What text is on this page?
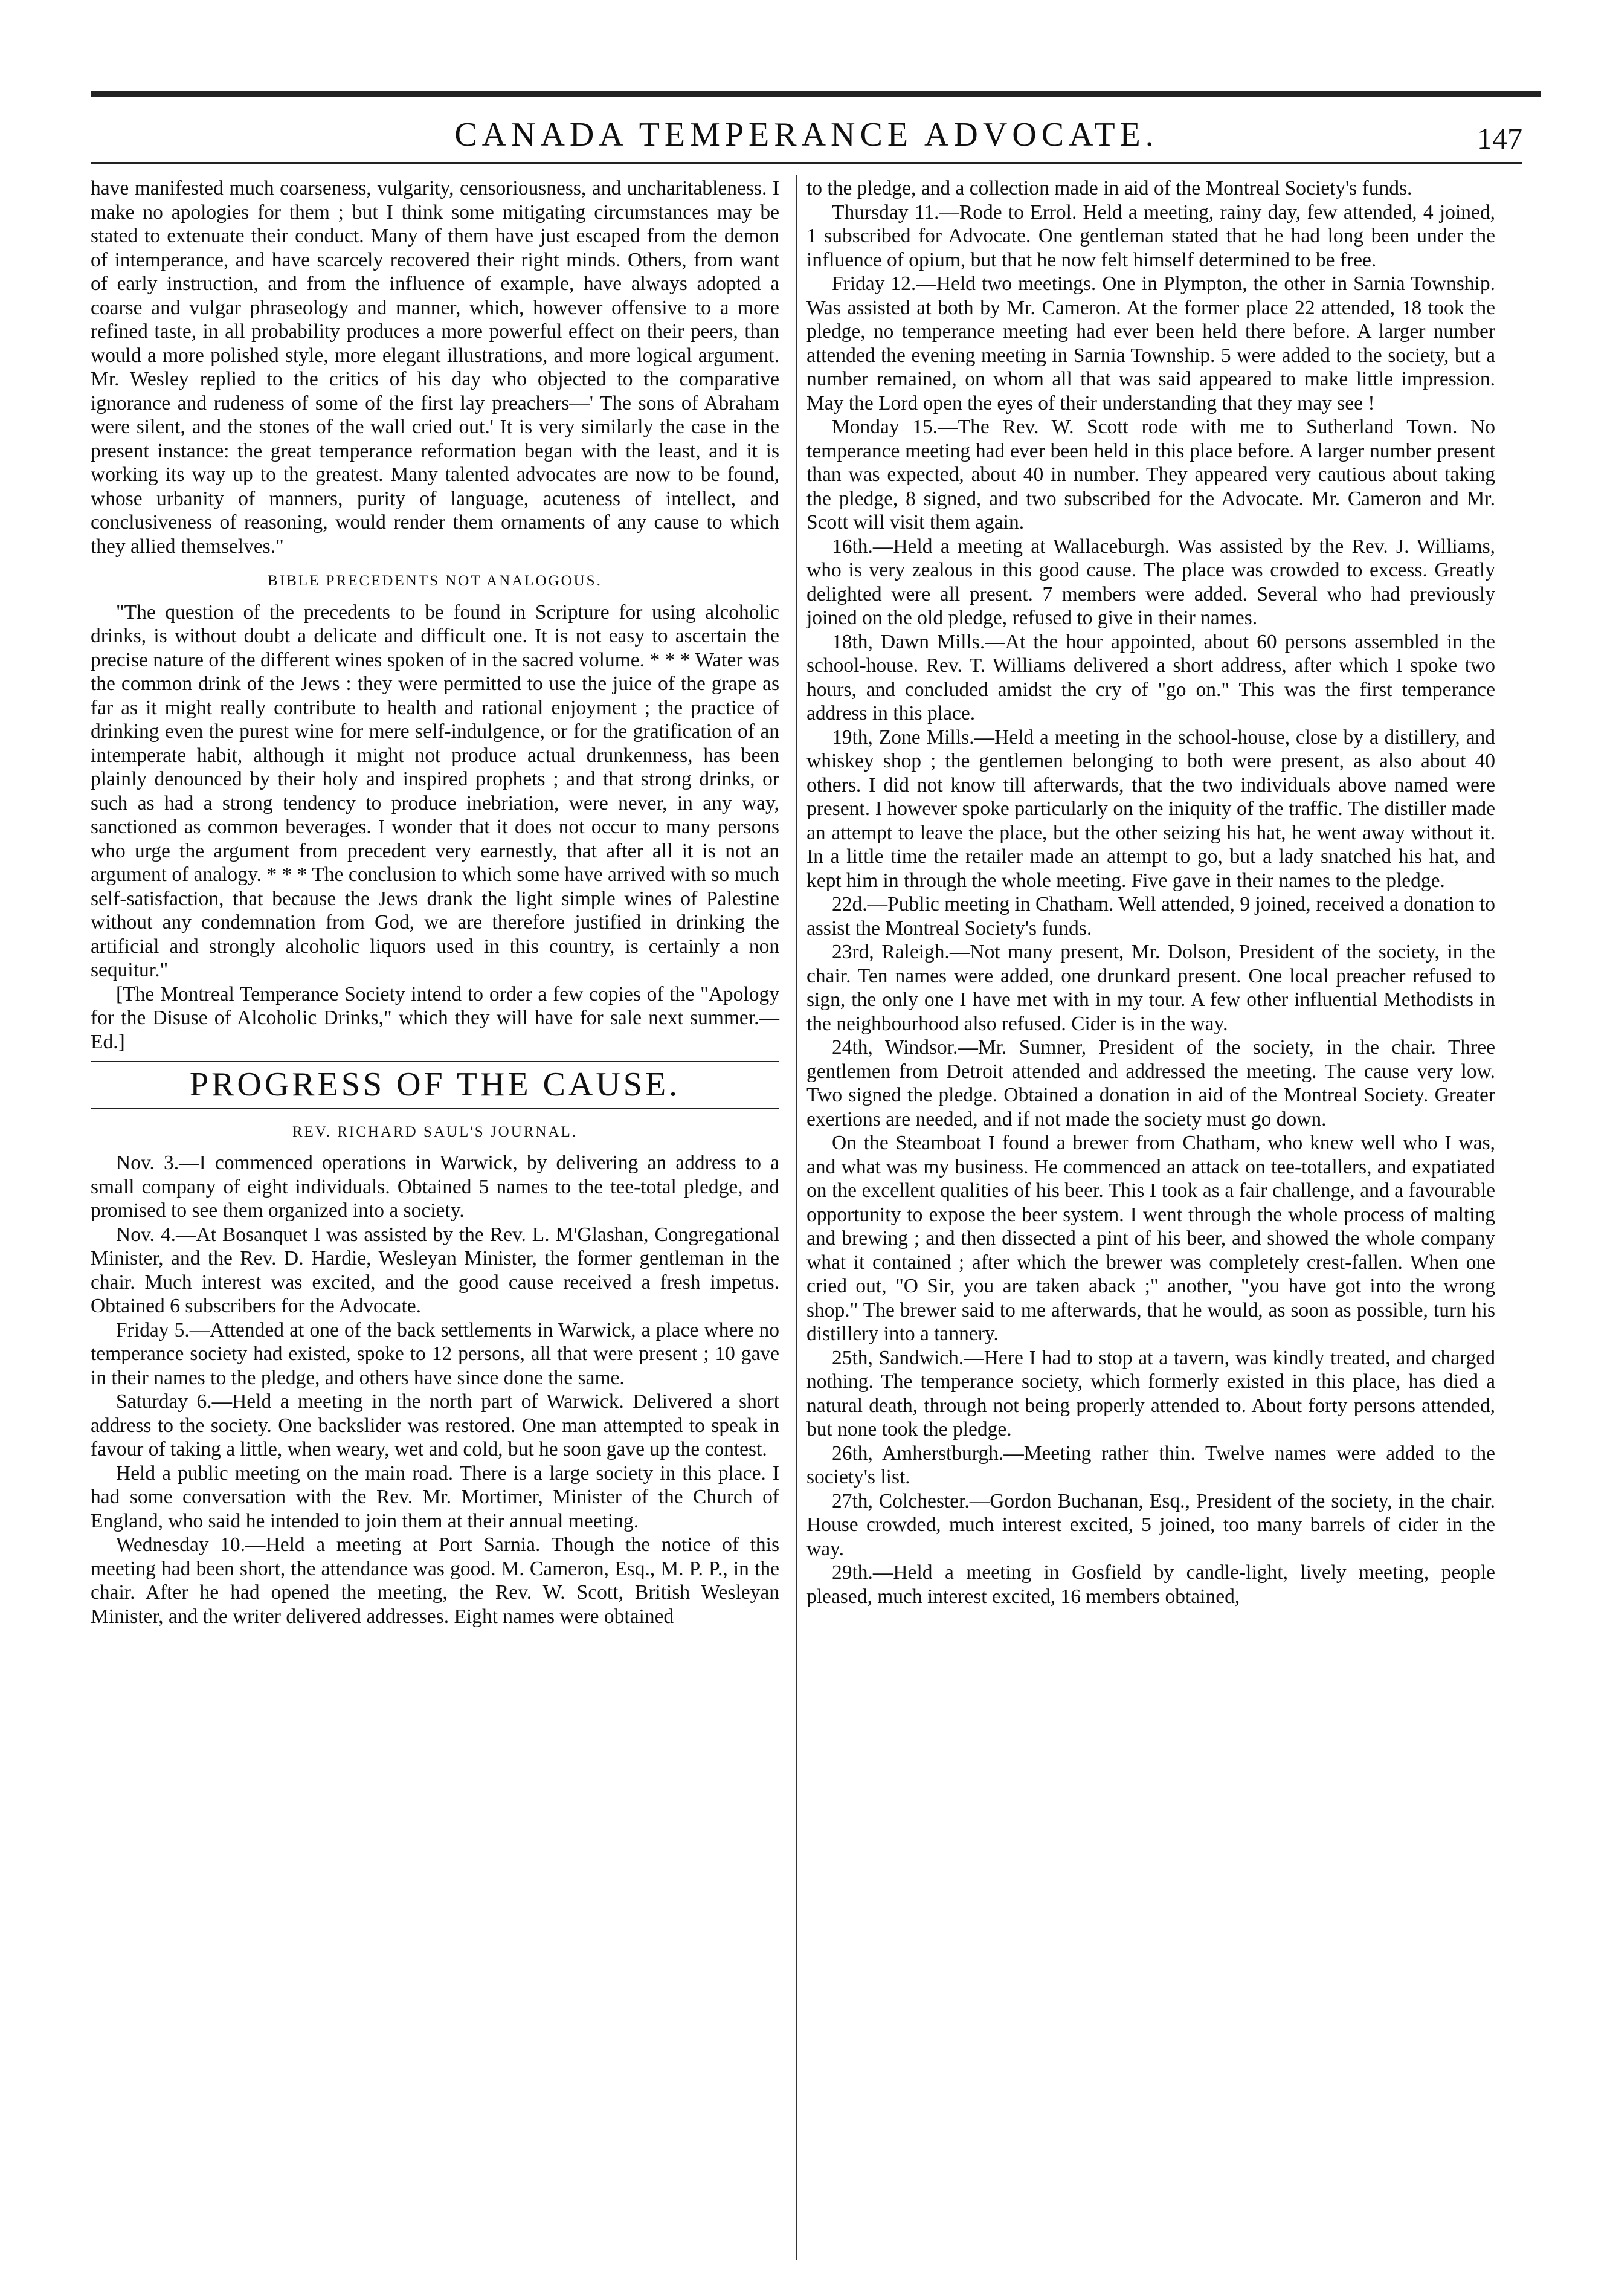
CANADA TEMPERANCE ADVOCATE.	147

have manifested much coarseness, vulgarity, censoriousness, and uncharitableness. I make no apologies for them ; but I think some mitigating circumstances may be stated to extenuate their conduct. Many of them have just escaped from the demon of intemperance, and have scarcely recovered their right minds. Others, from want of early instruction, and from the influence of example, have always adopted a coarse and vulgar phraseology and manner, which, however offensive to a more refined taste, in all probability produces a more powerful effect on their peers, than would a more polished style, more elegant illustrations, and more logical argument. Mr. Wesley replied to the critics of his day who objected to the comparative ignorance and rudeness of some of the first lay preachers—' The sons of Abraham were silent, and the stones of the wall cried out.' It is very similarly the case in the present instance: the great temperance reformation began with the least, and it is working its way up to the greatest. Many talented advocates are now to be found, whose urbanity of manners, purity of language, acuteness of intellect, and conclusiveness of reasoning, would render them ornaments of any cause to which they allied themselves."

BIBLE PRECEDENTS NOT ANALOGOUS.

"The question of the precedents to be found in Scripture for using alcoholic drinks, is without doubt a delicate and difficult one. It is not easy to ascertain the precise nature of the different wines spoken of in the sacred volume. * * * Water was the common drink of the Jews : they were permitted to use the juice of the grape as far as it might really contribute to health and rational enjoyment ; the practice of drinking even the purest wine for mere self-indulgence, or for the gratification of an intemperate habit, although it might not produce actual drunkenness, has been plainly denounced by their holy and inspired prophets ; and that strong drinks, or such as had a strong tendency to produce inebriation, were never, in any way, sanctioned as common beverages. I wonder that it does not occur to many persons who urge the argument from precedent very earnestly, that after all it is not an argument of analogy. * * * The conclusion to which some have arrived with so much self-satisfaction, that because the Jews drank the light simple wines of Palestine without any condemnation from God, we are therefore justified in drinking the artificial and strongly alcoholic liquors used in this country, is certainly a non sequitur."

[The Montreal Temperance Society intend to order a few copies of the "Apology for the Disuse of Alcoholic Drinks," which they will have for sale next summer.—Ed.]

PROGRESS OF THE CAUSE.
REV. RICHARD SAUL'S JOURNAL.

Nov. 3.—I commenced operations in Warwick, by delivering an address to a small company of eight individuals. Obtained 5 names to the tee-total pledge, and promised to see them organized into a society.

Nov. 4.—At Bosanquet I was assisted by the Rev. L. M'Glashan, Congregational Minister, and the Rev. D. Hardie, Wesleyan Minister, the former gentleman in the chair. Much interest was excited, and the good cause received a fresh impetus. Obtained 6 subscribers for the Advocate.

Friday 5.—Attended at one of the back settlements in Warwick, a place where no temperance society had existed, spoke to 12 persons, all that were present ; 10 gave in their names to the pledge, and others have since done the same.

Saturday 6.—Held a meeting in the north part of Warwick. Delivered a short address to the society. One backslider was restored. One man attempted to speak in favour of taking a little, when weary, wet and cold, but he soon gave up the contest.

Held a public meeting on the main road. There is a large society in this place. I had some conversation with the Rev. Mr. Mortimer, Minister of the Church of England, who said he intended to join them at their annual meeting.

Wednesday 10.—Held a meeting at Port Sarnia. Though the notice of this meeting had been short, the attendance was good. M. Cameron, Esq., M. P. P., in the chair. After he had opened the meeting, the Rev. W. Scott, British Wesleyan Minister, and the writer delivered addresses. Eight names were obtained

to the pledge, and a collection made in aid of the Montreal Society's funds.

Thursday 11.—Rode to Errol. Held a meeting, rainy day, few attended, 4 joined, 1 subscribed for Advocate. One gentleman stated that he had long been under the influence of opium, but that he now felt himself determined to be free.

Friday 12.—Held two meetings. One in Plympton, the other in Sarnia Township. Was assisted at both by Mr. Cameron. At the former place 22 attended, 18 took the pledge, no temperance meeting had ever been held there before. A larger number attended the evening meeting in Sarnia Township. 5 were added to the society, but a number remained, on whom all that was said appeared to make little impression. May the Lord open the eyes of their understanding that they may see !

Monday 15.—The Rev. W. Scott rode with me to Sutherland Town. No temperance meeting had ever been held in this place before. A larger number present than was expected, about 40 in number. They appeared very cautious about taking the pledge, 8 signed, and two subscribed for the Advocate. Mr. Cameron and Mr. Scott will visit them again.

16th.—Held a meeting at Wallaceburgh. Was assisted by the Rev. J. Williams, who is very zealous in this good cause. The place was crowded to excess. Greatly delighted were all present. 7 members were added. Several who had previously joined on the old pledge, refused to give in their names.

18th, Dawn Mills.—At the hour appointed, about 60 persons assembled in the school-house. Rev. T. Williams delivered a short address, after which I spoke two hours, and concluded amidst the cry of "go on." This was the first temperance address in this place.

19th, Zone Mills.—Held a meeting in the school-house, close by a distillery, and whiskey shop ; the gentlemen belonging to both were present, as also about 40 others. I did not know till afterwards, that the two individuals above named were present. I however spoke particularly on the iniquity of the traffic. The distiller made an attempt to leave the place, but the other seizing his hat, he went away without it. In a little time the retailer made an attempt to go, but a lady snatched his hat, and kept him in through the whole meeting. Five gave in their names to the pledge.

22d.—Public meeting in Chatham. Well attended, 9 joined, received a donation to assist the Montreal Society's funds.

23rd, Raleigh.—Not many present, Mr. Dolson, President of the society, in the chair. Ten names were added, one drunkard present. One local preacher refused to sign, the only one I have met with in my tour. A few other influential Methodists in the neighbourhood also refused. Cider is in the way.

24th, Windsor.—Mr. Sumner, President of the society, in the chair. Three gentlemen from Detroit attended and addressed the meeting. The cause very low. Two signed the pledge. Obtained a donation in aid of the Montreal Society. Greater exertions are needed, and if not made the society must go down.

On the Steamboat I found a brewer from Chatham, who knew well who I was, and what was my business. He commenced an attack on tee-totallers, and expatiated on the excellent qualities of his beer. This I took as a fair challenge, and a favourable opportunity to expose the beer system. I went through the whole process of malting and brewing ; and then dissected a pint of his beer, and showed the whole company what it contained ; after which the brewer was completely crest-fallen. When one cried out, "O Sir, you are taken aback ;" another, "you have got into the wrong shop." The brewer said to me afterwards, that he would, as soon as possible, turn his distillery into a tannery.

25th, Sandwich.—Here I had to stop at a tavern, was kindly treated, and charged nothing. The temperance society, which formerly existed in this place, has died a natural death, through not being properly attended to. About forty persons attended, but none took the pledge.

26th, Amherstburgh.—Meeting rather thin. Twelve names were added to the society's list.

27th, Colchester.—Gordon Buchanan, Esq., President of the society, in the chair. House crowded, much interest excited, 5 joined, too many barrels of cider in the way.

29th.—Held a meeting in Gosfield by candle-light, lively meeting, people pleased, much interest excited, 16 members obtained,
